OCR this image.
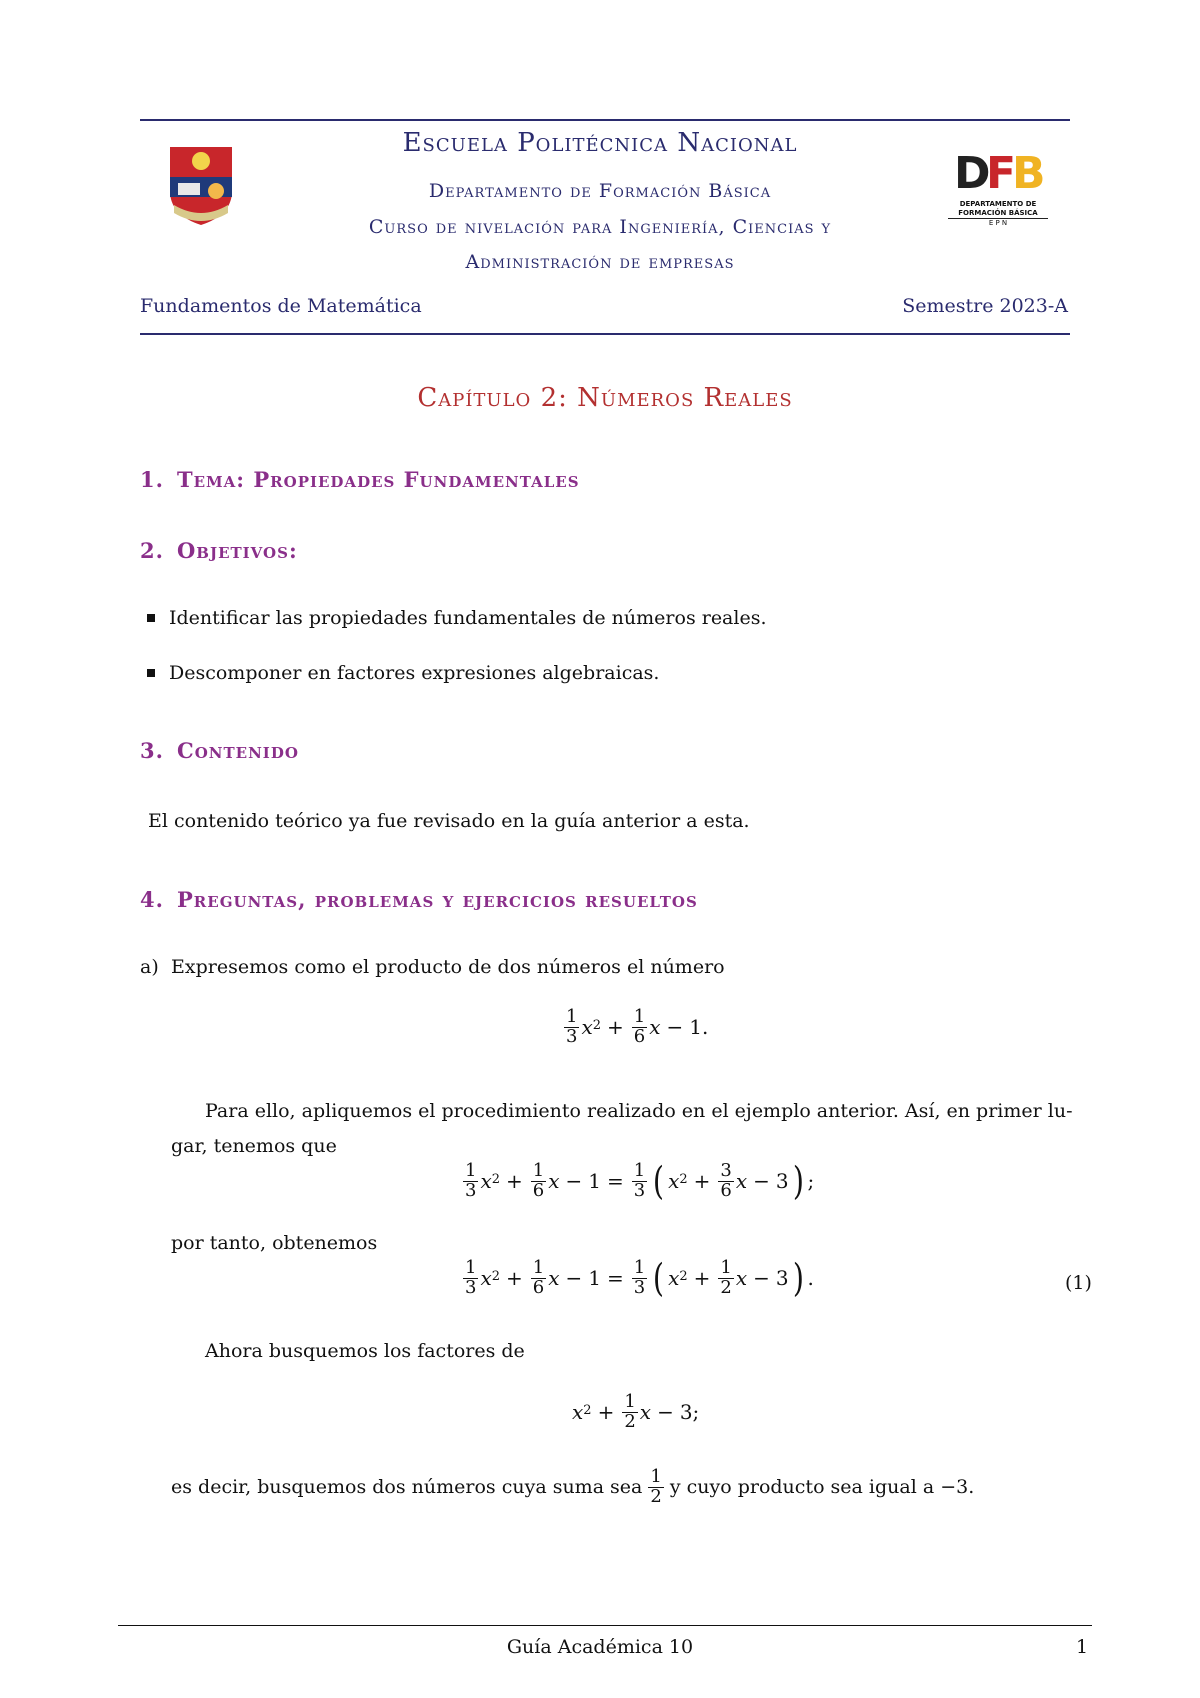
D
F
B
DEPARTAMENTO DE FORMACIÓN BÁSICA
E P N
Escuela Politécnica Nacional
Departamento de Formación Básica
Curso de nivelación para Ingeniería, Ciencias y
Administración de empresas
Fundamentos de Matemática	Semestre 2023-A
Capítulo 2: Números Reales
1. Tema: Propiedades Fundamentales
2. Objetivos:
Identificar las propiedades fundamentales de números reales.
Descomponer en factores expresiones algebraicas.
3. Contenido
El contenido teórico ya fue revisado en la guía anterior a esta.
4. Preguntas, problemas y ejercicios resueltos
a) Expresemos como el producto de dos números el número
$\frac{1}{3}$ x $2 + \frac{1}{6}$ x − 1.
Para ello, apliquemos el procedimiento realizado en el ejemplo anterior. Así, en primer lu-
gar, tenemos que
$\frac{1}{3}$ x $2 + \frac{1}{6}$ $x - 1 = \frac{1}{3}$ ( x $2 + \frac{3}{6}$ x − 3 ) ;
por tanto, obtenemos
$\frac{1}{3}$ x $2 + \frac{1}{6}$ $x - 1 = \frac{1}{3}$ ( x $2 + \frac{1}{2}$ x − 3 ) .	(1)
Ahora busquemos los factores de
x $2 + \frac{1}{2}$ x − 3;
es decir, busquemos dos números cuya suma sea $\frac{1}{2}$ y cuyo producto sea igual a −3.
Guía Académica 10	1
